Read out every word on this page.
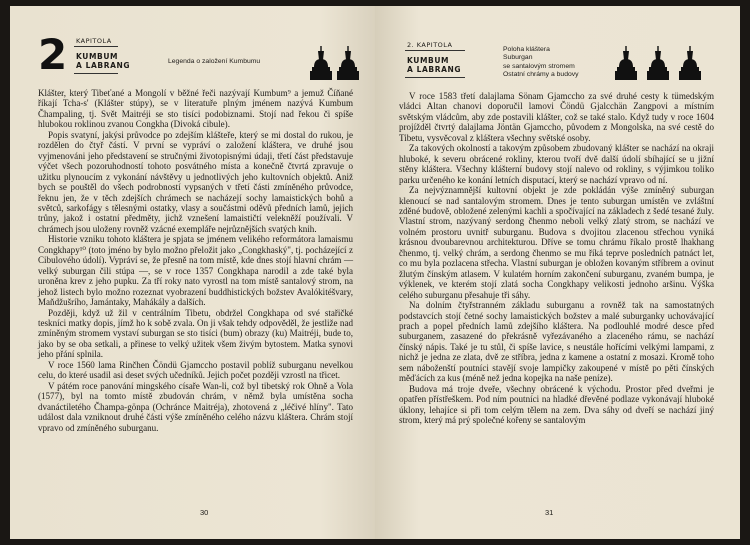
2 KAPITOLA
KUMBUM
A LABRANG	Legenda o založení Kumbumu

Klášter, který Tibeťané a Mongolí v běžné řeči nazývají Kumbum⁹ a jemuž Číňané říkají Tcha-s' (Klášter stúpy), se v literatuře plným jménem nazývá Kumbum Čhampaling, tj. Svět Maitréji se sto tisíci podobiznami. Stojí nad řekou či spíše hlubokou roklinou zvanou Congkha (Divoká cibule).

Popis svatyní, jakýsi průvodce po zdejším klášteře, který se mi dostal do rukou, je rozdělen do čtyř částí. V první se vypráví o založení kláštera, ve druhé jsou vyjmenováni jeho představení se stručnými životopisnými údaji, třetí část představuje výčet všech pozoruhodností tohoto posvátného místa a konečně čtvrtá zpravuje o užitku plynoucím z vykonání návštěvy u jednotlivých jeho kultovních objektů. Aniž bych se pouštěl do všech podrobností vypsaných v třetí části zmíněného průvodce, řeknu jen, že v těch zdejších chrámech se nacházejí sochy lamaistických bohů a světců, sarkofágy s tělesnými ostatky, vlasy a součástmi oděvů předních lamů, jejich trůny, jakož i ostatní předměty, jichž vznešení lamaističtí velekněží používali. V chrámech jsou uloženy rovněž vzácné exempláře nejrůznějších svatých knih.

Historie vzniku tohoto kláštera je spjata se jménem velikého reformátora lamaismu Congkhapy¹⁰ (toto jméno by bylo možno přeložit jako „Congkhaský", tj. pocházející z Cibulového údolí). Vypráví se, že přesně na tom místě, kde dnes stojí hlavní chrám — velký suburgan čili stúpa —, se v roce 1357 Congkhapa narodil a zde také byla uroněna krev z jeho pupku. Za tří roky nato vyrostl na tom místě santalový strom, na jehož listech bylo možno rozeznat vyobrazení buddhistických božstev Avalókitéšvary, Maňdžušrího, Jamántaky, Mahákály a dalších.

Později, když už žil v centrálním Tibetu, obdržel Congkhapa od své stařičké teskníci matky dopis, jímž ho k sobě zvala. On ji však tehdy odpověděl, že jestliže nad zmíněným stromem vystaví suburgan se sto tisíci (bum) obrazy (ku) Maitréji, bude to, jako by se oba setkali, a přinese to velký užitek všem živým bytostem. Matka synovi jeho přání splnila.

V roce 1560 lama Rinčhen Čöndü Gjamccho postavil poblíž suburganu nevelkou celu, do které usadil asi deset svých učedníků. Jejich počet později vzrostl na třicet.

V pátém roce panování mingského císaře Wan-li, což byl tibetský rok Ohně a Vola (1577), byl na tomto místě zbudován chrám, v němž byla umístěna socha dvanáctiletého Čhampa-gönpa (Ochránce Maitréja), zhotovená z „léčivé hlíny". Tato událost dala vzniknout druhé části výše zmíněného celého názvu kláštera. Chrám stojí vpravo od zmíněného suburganu.

30
2. KAPITOLA
KUMBUM
A LABRANG
Poloha kláštera
Suburgan
se santalovým stromem
Ostatní chrámy a budovy

V roce 1583 třetí dalajlama Sönam Gjamccho za své druhé cesty k tümedským vládci Altan chanovi doporučil lamovi Čöndü Gjalcchän Zangpovi a místním světským vládcům, aby zde postavili klášter, což se také stalo. Když tudy v roce 1604 projížděl čtvrtý dalajlama Jöntän Gjamccho, původem z Mongolska, na své cestě do Tibetu, vysvěcoval z kláštera všechny světské osoby.

Za takových okolností a takovým způsobem zbudovaný klášter se nachází na okraji hluboké, k severu obrácené rokliny, kterou tvoří dvě další údolí sbíhající se u jižní stěny kláštera. Všechny klášterní budovy stojí nalevo od rokliny, s výjimkou toliko parku určeného ke konání letních disputací, který se nachází vpravo od ní.

Za nejvýznamnější kultovní objekt je zde pokládán výše zmíněný suburgan klenoucí se nad santalovým stromem. Dnes je tento suburgan umístěn ve zvláštní zděné budově, obložené zelenými kachli a spočívající na základech z šedé tesané žuly. Vlastní strom, nazývaný serdong čhenmo neboli velký zlatý strom, se nachází ve volném prostoru uvnitř suburganu. Budova s dvojitou zlacenou střechou vyniká krásnou dvoubarevnou architekturou. Dříve se tomu chrámu říkalo prostě lhakhang čhenmo, tj. velký chrám, a serdong čhenmo se mu říká teprve posledních patnáct let, co mu byla pozlacena střecha. Vlastní suburgan je obložen kovaným stříbrem a ovinut žlutým čínským atlasem. V kulatém horním zakončení suburganu, zvaném bumpa, je výklenek, ve kterém stojí zlatá socha Congkhapy velikosti jednoho aršinu. Výška celého suburganu přesahuje tři sáhy.

Na dolním čtyřstranném základu suburganu a rovněž tak na samostatných podstavcích stojí četné sochy lamaistických božstev a malé suburganky uchovávající prach a popel předních lamů zdejšího kláštera. Na podlouhlé modré desce před suburganem, zasazené do překrásně vyřezávaného a zlaceného rámu, se nachází čínský nápis. Také je tu stůl, či spíše lavice, s neustále hořícími velkými lampami, z nichž je jedna ze zlata, dvě ze stříbra, jedna z kamene a ostatní z mosazi. Kromě toho sem náboženští poutníci stavějí svoje lampičky zakoupené v místě po pěti čínských měďácích za kus (méně než jedna kopejka na naše peníze).

Budova má troje dveře, všechny obrácené k východu. Prostor před dveřmi je opatřen přístřeškem. Pod ním poutníci na hladké dřevěné podlaze vykonávají hluboké úklony, lehajíce si při tom celým tělem na zem. Dva sáhy od dveří se nachází jiný strom, který má prý společné kořeny se santalovým

31
